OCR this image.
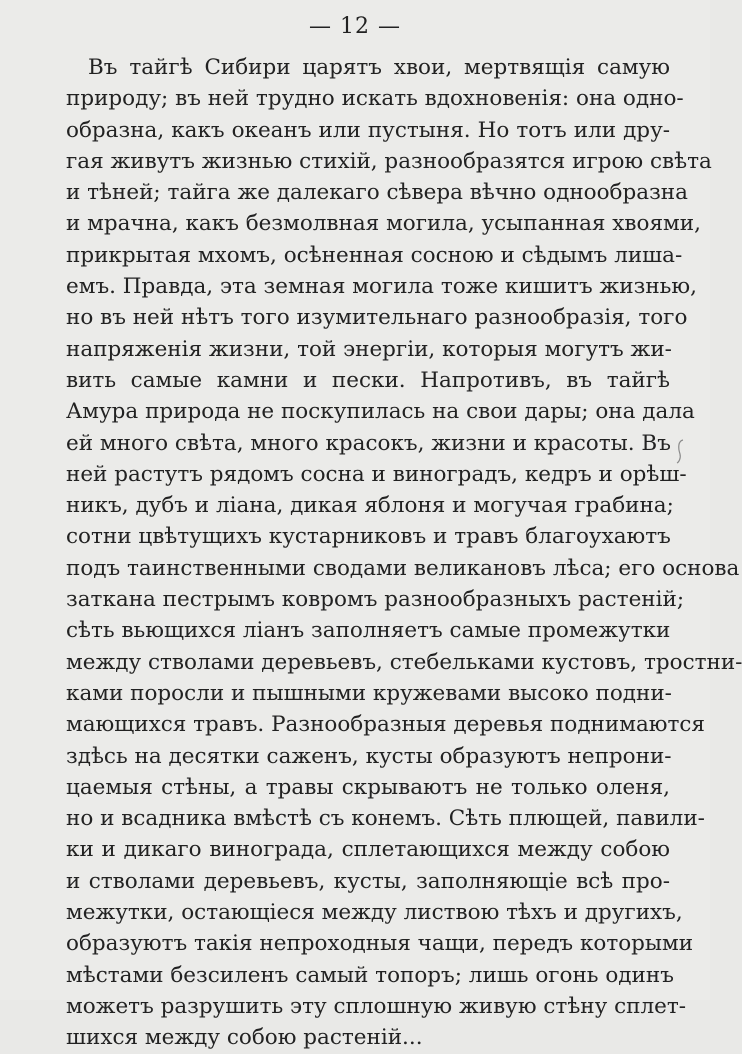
— 12 —
Въ тайгѣ Сибири царятъ хвои, мертвящія самую
природу; въ ней трудно искать вдохновенія: она одно-
образна, какъ океанъ или пустыня. Но тотъ или дру-
гая живутъ жизнью стихій, разнообразятся игрою свѣта
и тѣней; тайга же далекаго сѣвера вѣчно однообразна
и мрачна, какъ безмолвная могила, усыпанная хвоями,
прикрытая мхомъ, осѣненная сосною и сѣдымъ лиша-
емъ. Правда, эта земная могила тоже кишитъ жизнью,
но въ ней нѣтъ того изумительнаго разнообразія, того
напряженія жизни, той энергіи, которыя могутъ жи-
вить самые камни и пески. Напротивъ, въ тайгѣ
Амура природа не поскупилась на свои дары; она дала
ей много свѣта, много красокъ, жизни и красоты. Въ
ней растутъ рядомъ сосна и виноградъ, кедръ и орѣш-
никъ, дубъ и ліана, дикая яблоня и могучая грабина;
сотни цвѣтущихъ кустарниковъ и травъ благоухаютъ
подъ таинственными сводами великановъ лѣса; его основа
заткана пестрымъ ковромъ разнообразныхъ растеній;
сѣть вьющихся ліанъ заполняетъ самые промежутки
между стволами деревьевъ, стебельками кустовъ, тростни-
ками поросли и пышными кружевами высоко подни-
мающихся травъ. Разнообразныя деревья поднимаются
здѣсь на десятки саженъ, кусты образуютъ непрони-
цаемыя стѣны, а травы скрываютъ не только оленя,
но и всадника вмѣстѣ съ конемъ. Сѣть плющей, павили-
ки и дикаго винограда, сплетающихся между собою
и стволами деревьевъ, кусты, заполняющіе всѣ про-
межутки, остающіеся между листвою тѣхъ и другихъ,
образуютъ такія непроходныя чащи, передъ которыми
мѣстами безсиленъ самый топоръ; лишь огонь одинъ
можетъ разрушить эту сплошную живую стѣну сплет-
шихся между собою растеній...
